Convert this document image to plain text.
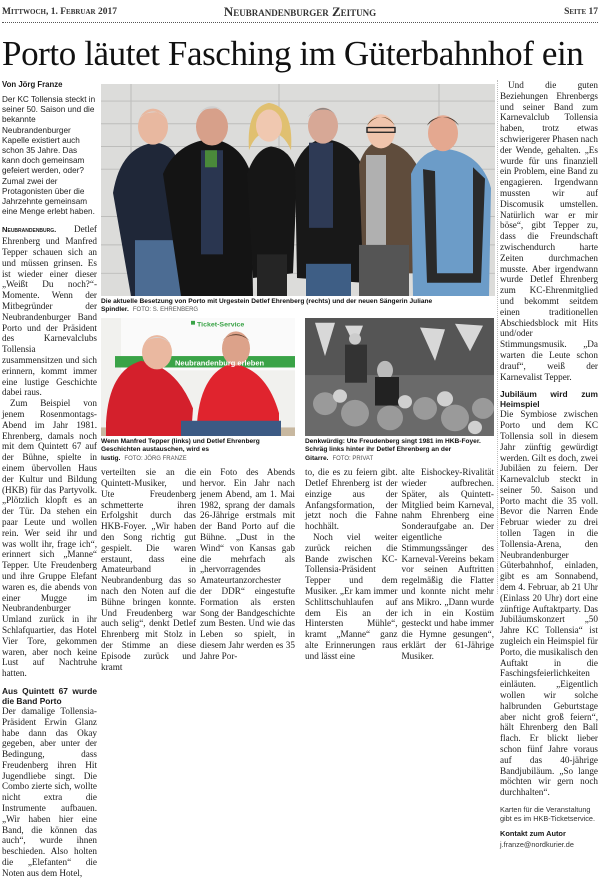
Mittwoch, 1. Februar 2017	Neubrandenburger Zeitung	Seite 17
Porto läutet Fasching im Güterbahnhof ein
Von Jörg Franze
Der KC Tollensia steckt in seiner 50. Saison und die bekannte Neubrandenburger Kapelle existiert auch schon 35 Jahre. Das kann doch gemeinsam gefeiert werden, oder? Zumal zwei der Protagonisten über die Jahrzehnte gemeinsam eine Menge erlebt haben.

Neubrandenburg. Detlef Ehrenberg und Manfred Tepper schauen sich an und müssen grinsen. Es ist wieder einer dieser „Weißt Du noch?“-Momente. Wenn der Mitbegründer der Neubrandenburger Band Porto und der Präsident des Karnevalclubs Tollensia zusammensitzen und sich erinnern, kommt immer eine lustige Geschichte dabei raus.

Zum Beispiel von jenem Rosenmontags-Abend im Jahr 1981. Ehrenberg, damals noch mit dem Quintett 67 auf der Bühne, spielte in einem übervollen Haus der Kultur und Bildung (HKB) für das Partyvolk. „Plötzlich klopft es an der Tür. Da stehen ein paar Leute und wollen rein. Wer seid ihr und was wollt ihr, frage ich“, erinnert sich „Manne“ Tepper. Ute Freudenberg und ihre Gruppe Elefant waren es, die abends von einer Mugge im Neubrandenburger Umland zurück in ihr Schlafquartier, das Hotel Vier Tore, gekommen waren, aber noch keine Lust auf Nachtruhe hatten.

Aus Quintett 67 wurde die Band Porto

Der damalige Tollensia-Präsident Erwin Glanz habe dann das Okay gegeben, aber unter der Bedingung, dass Freudenberg ihren Hit Jugendliebe singt. Die Combo zierte sich, wollte nicht extra die Instrumente aufbauen. „Wir haben hier eine Band, die können das auch“, wurde ihnen beschieden. Also holten die „Elefanten“ die Noten aus dem Hotel,

Die aktuelle Besetzung von Porto mit Urgestein Detlef Ehrenberg (rechts) und der neuen Sängerin Juliane Spindler. FOTO: S. EHRENBERG
Ticket-Service
Neubrandenburg erleben
Wenn Manfred Tepper (links) und Detlef Ehrenberg Geschichten austauschen, wird es lustig. FOTO: JÖRG FRANZE

verteilten sie an die Quintett-Musiker, und Ute Freudenberg schmetterte ihren Erfolgshit durch das HKB-Foyer. „Wir haben den Song richtig gut gespielt. Die waren erstaunt, dass eine Amateurband in Neubrandenburg das so nach den Noten auf die Bühne bringen konnte. Und Freudenberg war auch selig“, denkt Detlef Ehrenberg mit Stolz in der Stimme an diese Episode zurück und kramt

ein Foto des Abends hervor. Ein Jahr nach jenem Abend, am 1. Mai 1982, sprang der damals 26-Jährige erstmals mit der Band Porto auf die Bühne. „Dust in the Wind“ von Kansas gab die mehrfach als „hervorragendes Amateurtanzorchester der DDR“ eingestufte Formation als ersten Song der Bandgeschichte zum Besten. Und wie das Leben so spielt, in diesem Jahr werden es 35 Jahre Por-

Denkwürdig: Ute Freudenberg singt 1981 im HKB-Foyer. Schräg links hinter ihr Detlef Ehrenberg an der Gitarre. FOTO: PRIVAT

to, die es zu feiern gibt. Detlef Ehrenberg ist der einzige aus der Anfangsformation, der jetzt noch die Fahne hochhält.

Noch viel weiter zurück reichen die Bande zwischen KC-Tollensia-Präsident Tepper und dem Musiker. „Er kam immer Schlittschuhlaufen auf dem Eis an der Hintersten Mühle“, kramt „Manne“ ganz alte Erinnerungen raus und lässt eine

alte Eishockey-Rivalität wieder aufbrechen. Später, als Quintett-Mitglied beim Karneval, nahm Ehrenberg eine Sonderaufgabe an. Der eigentliche Stimmungssänger des Karneval-Vereins bekam vor seinen Auftritten regelmäßig die Flatter und konnte nicht mehr ans Mikro. „Dann wurde ich in ein Kostüm gesteckt und habe immer die Hymne gesungen“, erklärt der 61-Jährige Musiker.

Und die guten Beziehungen Ehrenbergs und seiner Band zum Karnevalclub Tollensia haben, trotz etwas schwierigerer Phasen nach der Wende, gehalten. „Es wurde für uns finanziell ein Problem, eine Band zu engagieren. Irgendwann mussten wir auf Discomusik umstellen. Natürlich war er mir böse“, gibt Tepper zu, dass die Freundschaft zwischendurch harte Zeiten durchmachen musste. Aber irgendwann wurde Detlef Ehrenberg zum KC-Ehrenmitglied und bekommt seitdem einen traditionellen Abschiedsblock mit Hits und/oder Stimmungsmusik. „Da warten die Leute schon drauf“, weiß der Karnevalist Tepper.

Jubiläum wird zum Heimspiel

Die Symbiose zwischen Porto und dem KC Tollensia soll in diesem Jahr zünftig gewürdigt werden. Gilt es doch, zwei Jubiläen zu feiern. Der Karnevalclub steckt in seiner 50. Saison und Porto macht die 35 voll. Bevor die Narren Ende Februar wieder zu drei tollen Tagen in die Tollensia-Arena, den Neubrandenburger Güterbahnhof, einladen, gibt es am Sonnabend, dem 4. Februar, ab 21 Uhr (Einlass 20 Uhr) dort eine zünftige Auftaktparty. Das Jubiläumskonzert „50 Jahre KC Tollensia“ ist zugleich ein Heimspiel für Porto, die musikalisch den Auftakt in die Faschingsfeierlichkeiten einläuten. „Eigentlich wollen wir solche halbrunden Geburtstage aber nicht groß feiern“, hält Ehrenberg den Ball flach. Er blickt lieber schon fünf Jahre voraus auf das 40-jährige Bandjubiläum. „So lange möchten wir gern noch durchhalten“.

Karten für die Veranstaltung gibt es im HKB-Ticketservice.

Kontakt zum Autor

j.franze@nordkurier.de
